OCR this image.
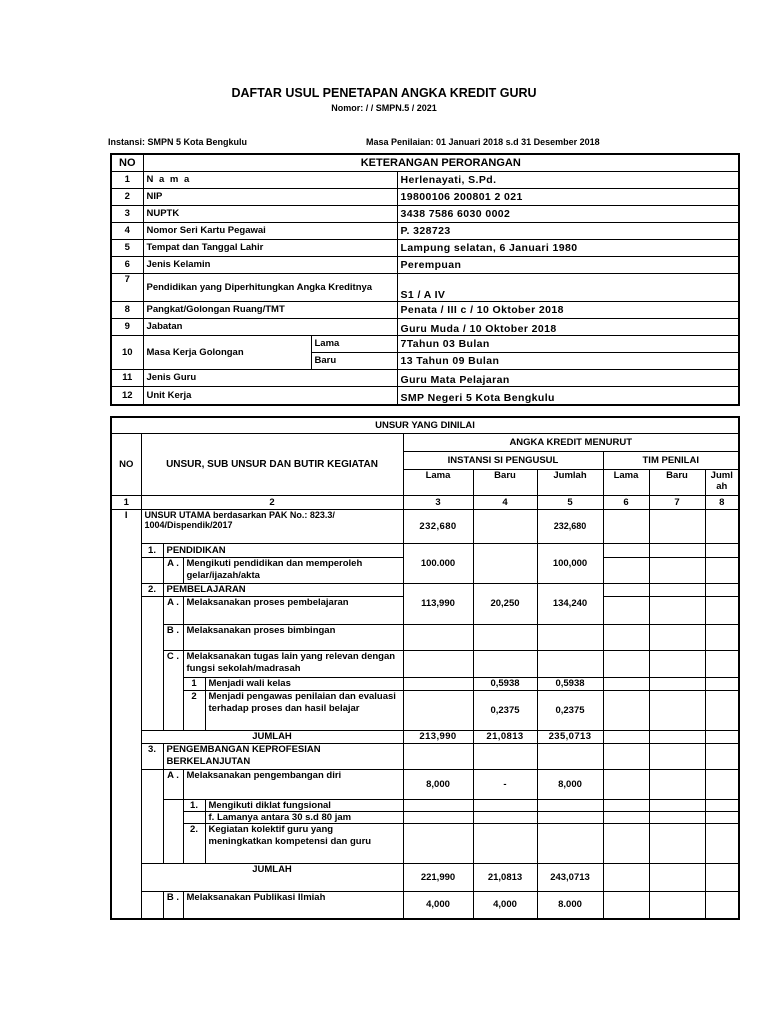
DAFTAR USUL PENETAPAN ANGKA KREDIT GURU
Nomor: / / SMPN.5 / 2021
Instansi: SMPN 5 Kota Bengkulu	Masa Penilaian: 01 Januari 2018 s.d 31 Desember 2018
NO	KETERANGAN PERORANGAN		
1	N a m a		Herlenayati, S.Pd.
2	NIP		19800106 200801 2 021
3	NUPTK		3438 7586 6030 0002
4	Nomor Seri Kartu Pegawai		P. 328723
5	Tempat dan Tanggal Lahir		Lampung selatan, 6 Januari 1980
6	Jenis Kelamin		Perempuan
7	Pendidikan yang Diperhitungkan Angka Kreditnya		S1 / A IV
8	Pangkat/Golongan Ruang/TMT		Penata / III c / 10 Oktober 2018
9	Jabatan		Guru Muda / 10 Oktober 2018
10	Masa Kerja Golongan	Lama	7Tahun 03 Bulan
		Baru	13 Tahun 09 Bulan
11	Jenis Guru		Guru Mata Pelajaran
12	Unit Kerja		SMP Negeri 5 Kota Bengkulu
UNSUR YANG DINILAI										
NO	UNSUR, SUB UNSUR DAN BUTIR KEGIATAN				ANGKA KREDIT MENURUT					
					INSTANSI SI PENGUSUL			TIM PENILAI		
					Lama	Baru	Jumlah	Lama	Baru	Juml ah
1	2				3	4	5	6	7	8
I	UNSUR UTAMA berdasarkan PAK No.: 823.3/ 1004/Dispendik/2017				232,680		232,680			
	1.	PENDIDIKAN			100.000		100,000			
		A .	Mengikuti pendidikan dan memperoleh gelar/ijazah/akta							
	2.	PEMBELAJARAN			113,990	20,250	134,240			
		A .	Melaksanakan proses pembelajaran							
		B .	Melaksanakan proses bimbingan							
		C .	Melaksanakan tugas lain yang relevan dengan fungsi sekolah/madrasah							
			1	Menjadi wali kelas		0,5938	0,5938			
			2	Menjadi pengawas penilaian dan evaluasi terhadap proses dan hasil belajar		0,2375	0,2375			
	JUMLAH				213,990	21,0813	235,0713			
	3.	PENGEMBANGAN KEPROFESIAN BERKELANJUTAN								
		A .	Melaksanakan pengembangan diri		8,000	-	8,000			
			1.	Mengikuti diklat fungsional						
				f. Lamanya antara 30 s.d 80 jam						
			2.	Kegiatan kolektif guru yang meningkatkan kompetensi dan guru						
	JUMLAH				221,990	21,0813	243,0713			
		B .	Melaksanakan Publikasi Ilmiah		4,000	4,000	8.000			
